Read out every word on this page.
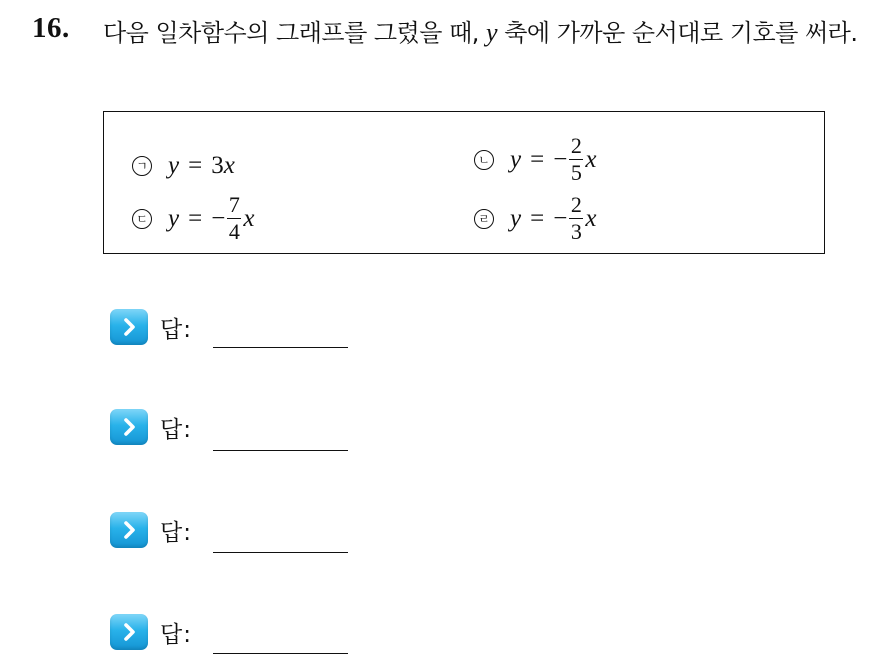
16. 다음 일차함수의 그래프를 그렸을 때, y 축에 가까운 순서대로 기호를 써라.
ㄱ y = 3 x	ㄴ y = − $\frac{2}{5}$ x
ㄷ y = − $\frac{7}{4}$ x	ㄹ y = − $\frac{2}{3}$ x
답:
답:
답:
답:
